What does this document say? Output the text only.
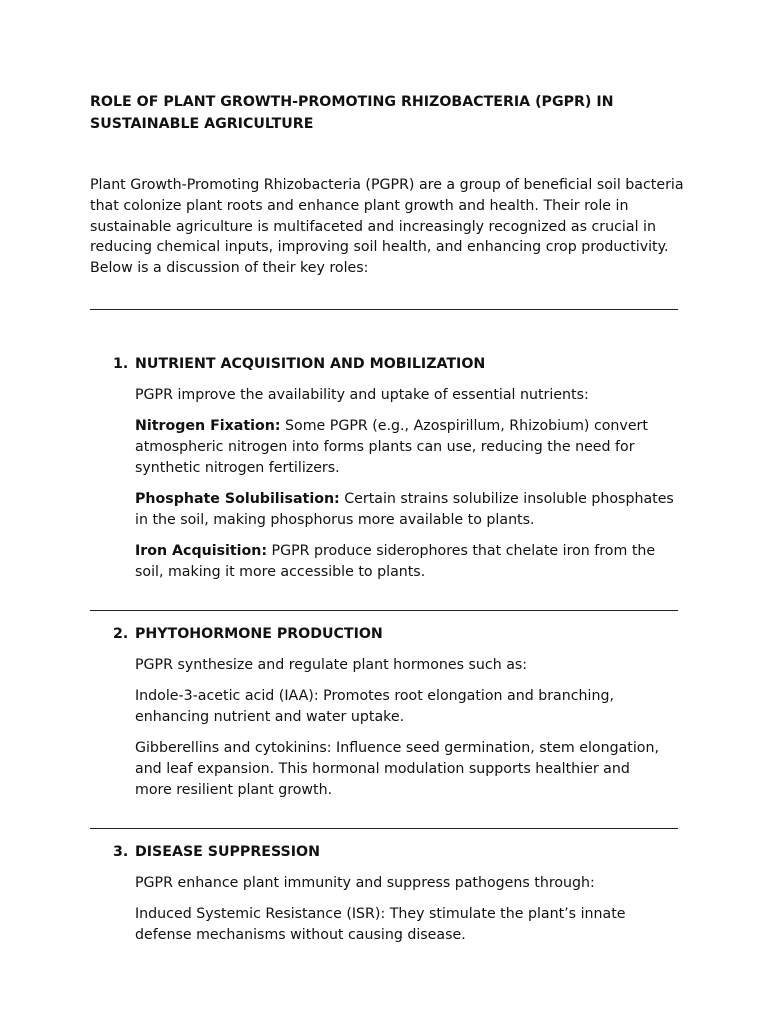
ROLE OF PLANT GROWTH-PROMOTING RHIZOBACTERIA (PGPR) IN SUSTAINABLE AGRICULTURE

Plant Growth-Promoting Rhizobacteria (PGPR) are a group of beneficial soil bacteria that colonize plant roots and enhance plant growth and health. Their role in sustainable agriculture is multifaceted and increasingly recognized as crucial in reducing chemical inputs, improving soil health, and enhancing crop productivity. Below is a discussion of their key roles:

1. NUTRIENT ACQUISITION AND MOBILIZATION

PGPR improve the availability and uptake of essential nutrients:

Nitrogen Fixation: Some PGPR (e.g., Azospirillum, Rhizobium) convert atmospheric nitrogen into forms plants can use, reducing the need for synthetic nitrogen fertilizers.

Phosphate Solubilisation: Certain strains solubilize insoluble phosphates in the soil, making phosphorus more available to plants.

Iron Acquisition: PGPR produce siderophores that chelate iron from the soil, making it more accessible to plants.

2. PHYTOHORMONE PRODUCTION

PGPR synthesize and regulate plant hormones such as:

Indole-3-acetic acid (IAA): Promotes root elongation and branching, enhancing nutrient and water uptake.

Gibberellins and cytokinins: Influence seed germination, stem elongation, and leaf expansion. This hormonal modulation supports healthier and more resilient plant growth.

3. DISEASE SUPPRESSION

PGPR enhance plant immunity and suppress pathogens through:

Induced Systemic Resistance (ISR): They stimulate the plant’s innate defense mechanisms without causing disease.
